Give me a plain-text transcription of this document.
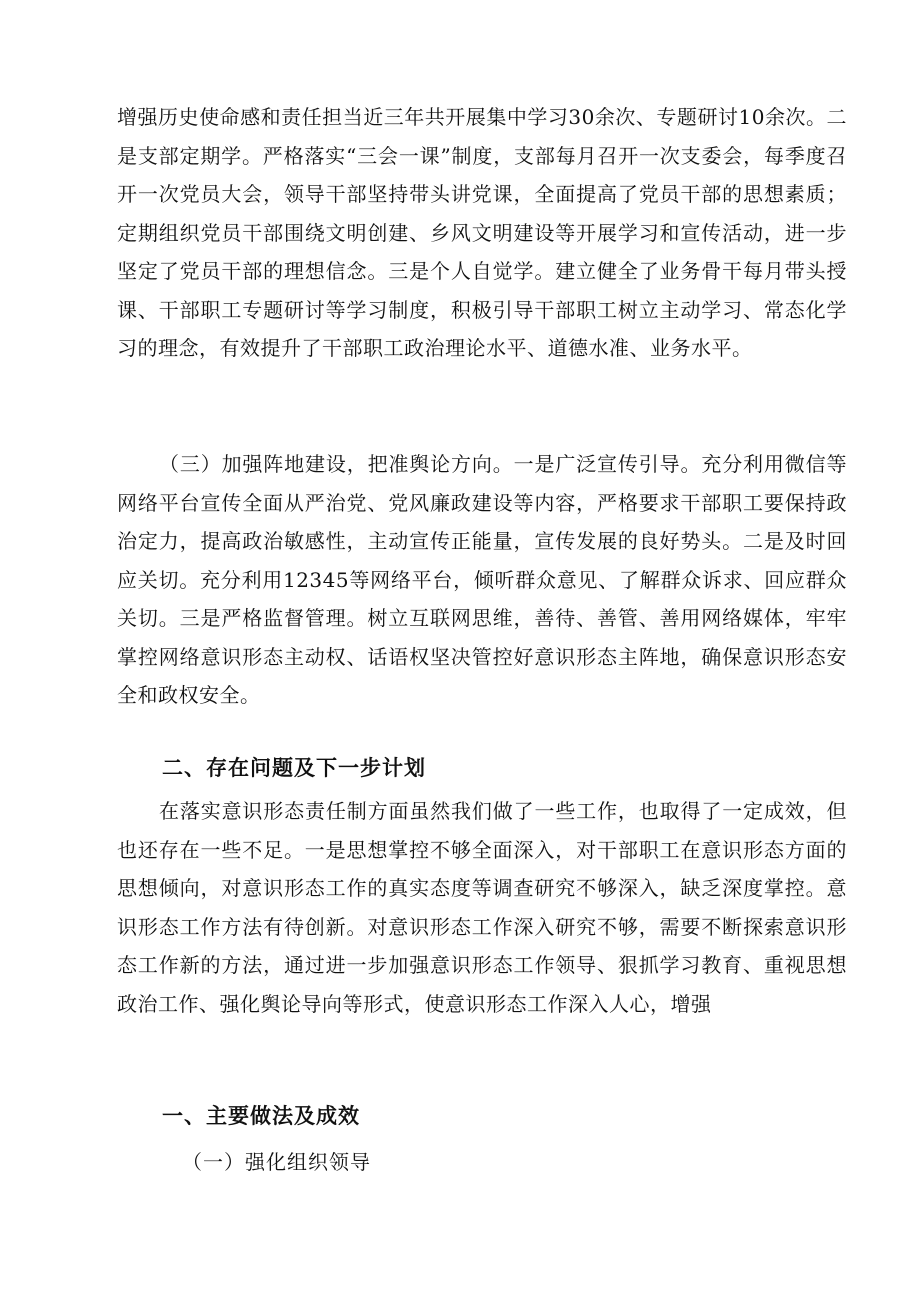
增强历史使命感和责任担当近三年共开展集中学习30余次、专题研讨10余次。二是支部定期学。严格落实“三会一课”制度，支部每月召开一次支委会，每季度召开一次党员大会，领导干部坚持带头讲党课，全面提高了党员干部的思想素质；定期组织党员干部围绕文明创建、乡风文明建设等开展学习和宣传活动，进一步坚定了党员干部的理想信念。三是个人自觉学。建立健全了业务骨干每月带头授课、干部职工专题研讨等学习制度，积极引导干部职工树立主动学习、常态化学习的理念，有效提升了干部职工政治理论水平、道德水准、业务水平。

（三）加强阵地建设，把准舆论方向。一是广泛宣传引导。充分利用微信等网络平台宣传全面从严治党、党风廉政建设等内容，严格要求干部职工要保持政治定力，提高政治敏感性，主动宣传正能量，宣传发展的良好势头。二是及时回应关切。充分利用12345等网络平台，倾听群众意见、了解群众诉求、回应群众关切。三是严格监督管理。树立互联网思维，善待、善管、善用网络媒体，牢牢掌控网络意识形态主动权、话语权坚决管控好意识形态主阵地，确保意识形态安全和政权安全。

二、存在问题及下一步计划

在落实意识形态责任制方面虽然我们做了一些工作，也取得了一定成效，但也还存在一些不足。一是思想掌控不够全面深入，对干部职工在意识形态方面的思想倾向，对意识形态工作的真实态度等调查研究不够深入，缺乏深度掌控。意识形态工作方法有待创新。对意识形态工作深入研究不够，需要不断探索意识形态工作新的方法，通过进一步加强意识形态工作领导、狠抓学习教育、重视思想政治工作、强化舆论导向等形式，使意识形态工作深入人心，增强

一、主要做法及成效

（一）强化组织领导
